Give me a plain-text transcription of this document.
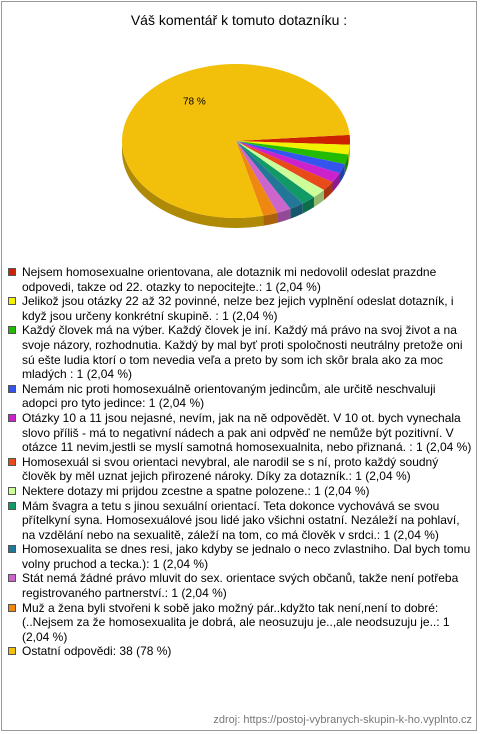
Váš komentář k tomuto dotazníku :
78 %
Nejsem homosexualne orientovana, ale dotaznik mi nedovolil odeslat prazdne odpovedi, takze od 22. otazky to nepocitejte.: 1 (2,04 %)
Jelikož jsou otázky 22 až 32 povinné, nelze bez jejich vyplnění odeslat dotazník, i když jsou určeny konkrétní skupině. : 1 (2,04 %)
Každý človek má na výber. Každý človek je iní. Každý má právo na svoj život a na svoje názory, rozhodnutia. Každý by mal byť proti spoločnosti neutrálny pretože oni sú ešte ludia ktorí o tom nevedia veľa a preto by som ich skôr brala ako za moc mladých : 1 (2,04 %)
Nemám nic proti homosexuálně orientovaným jedincům, ale určitě neschvaluji adopci pro tyto jedince: 1 (2,04 %)
Otázky 10 a 11 jsou nejasné, nevím, jak na ně odpovědět. V 10 ot. bych vynechala slovo příliš - má to negativní nádech a pak ani odpvěď ne nemůže být pozitivní. V otázce 11 nevim,jestli se myslí samotná homosexualnita, nebo přiznaná. : 1 (2,04 %)
Homosexuál si svou orientaci nevybral, ale narodil se s ní, proto každý soudný člověk by měl uznat jejich přirozené nároky. Díky za dotazník.: 1 (2,04 %)
Nektere dotazy mi prijdou zcestne a spatne polozene.: 1 (2,04 %)
Mám švagra a tetu s jinou sexuální orientací. Teta dokonce vychovává se svou přítelkyní syna. Homosexuálové jsou lidé jako všichni ostatní. Nezáleží na pohlaví, na vzdělání nebo na sexualitě, záleží na tom, co má člověk v srdci.: 1 (2,04 %)
Homosexualita se dnes resi, jako kdyby se jednalo o neco zvlastniho. Dal bych tomu volny pruchod a tecka.): 1 (2,04 %)
Stát nemá žádné právo mluvit do sex. orientace svých občanů, takže není potřeba registrovaného partnerství.: 1 (2,04 %)
Muž a žena byli stvořeni k sobě jako možný pár..kdyžto tak není,není to dobré:(..Nejsem za že homosexualita je dobrá, ale neosuzuju je..,ale neodsuzuju je..: 1 (2,04 %)
Ostatní odpovědi: 38 (78 %)
zdroj: https://postoj-vybranych-skupin-k-ho.vyplnto.cz
